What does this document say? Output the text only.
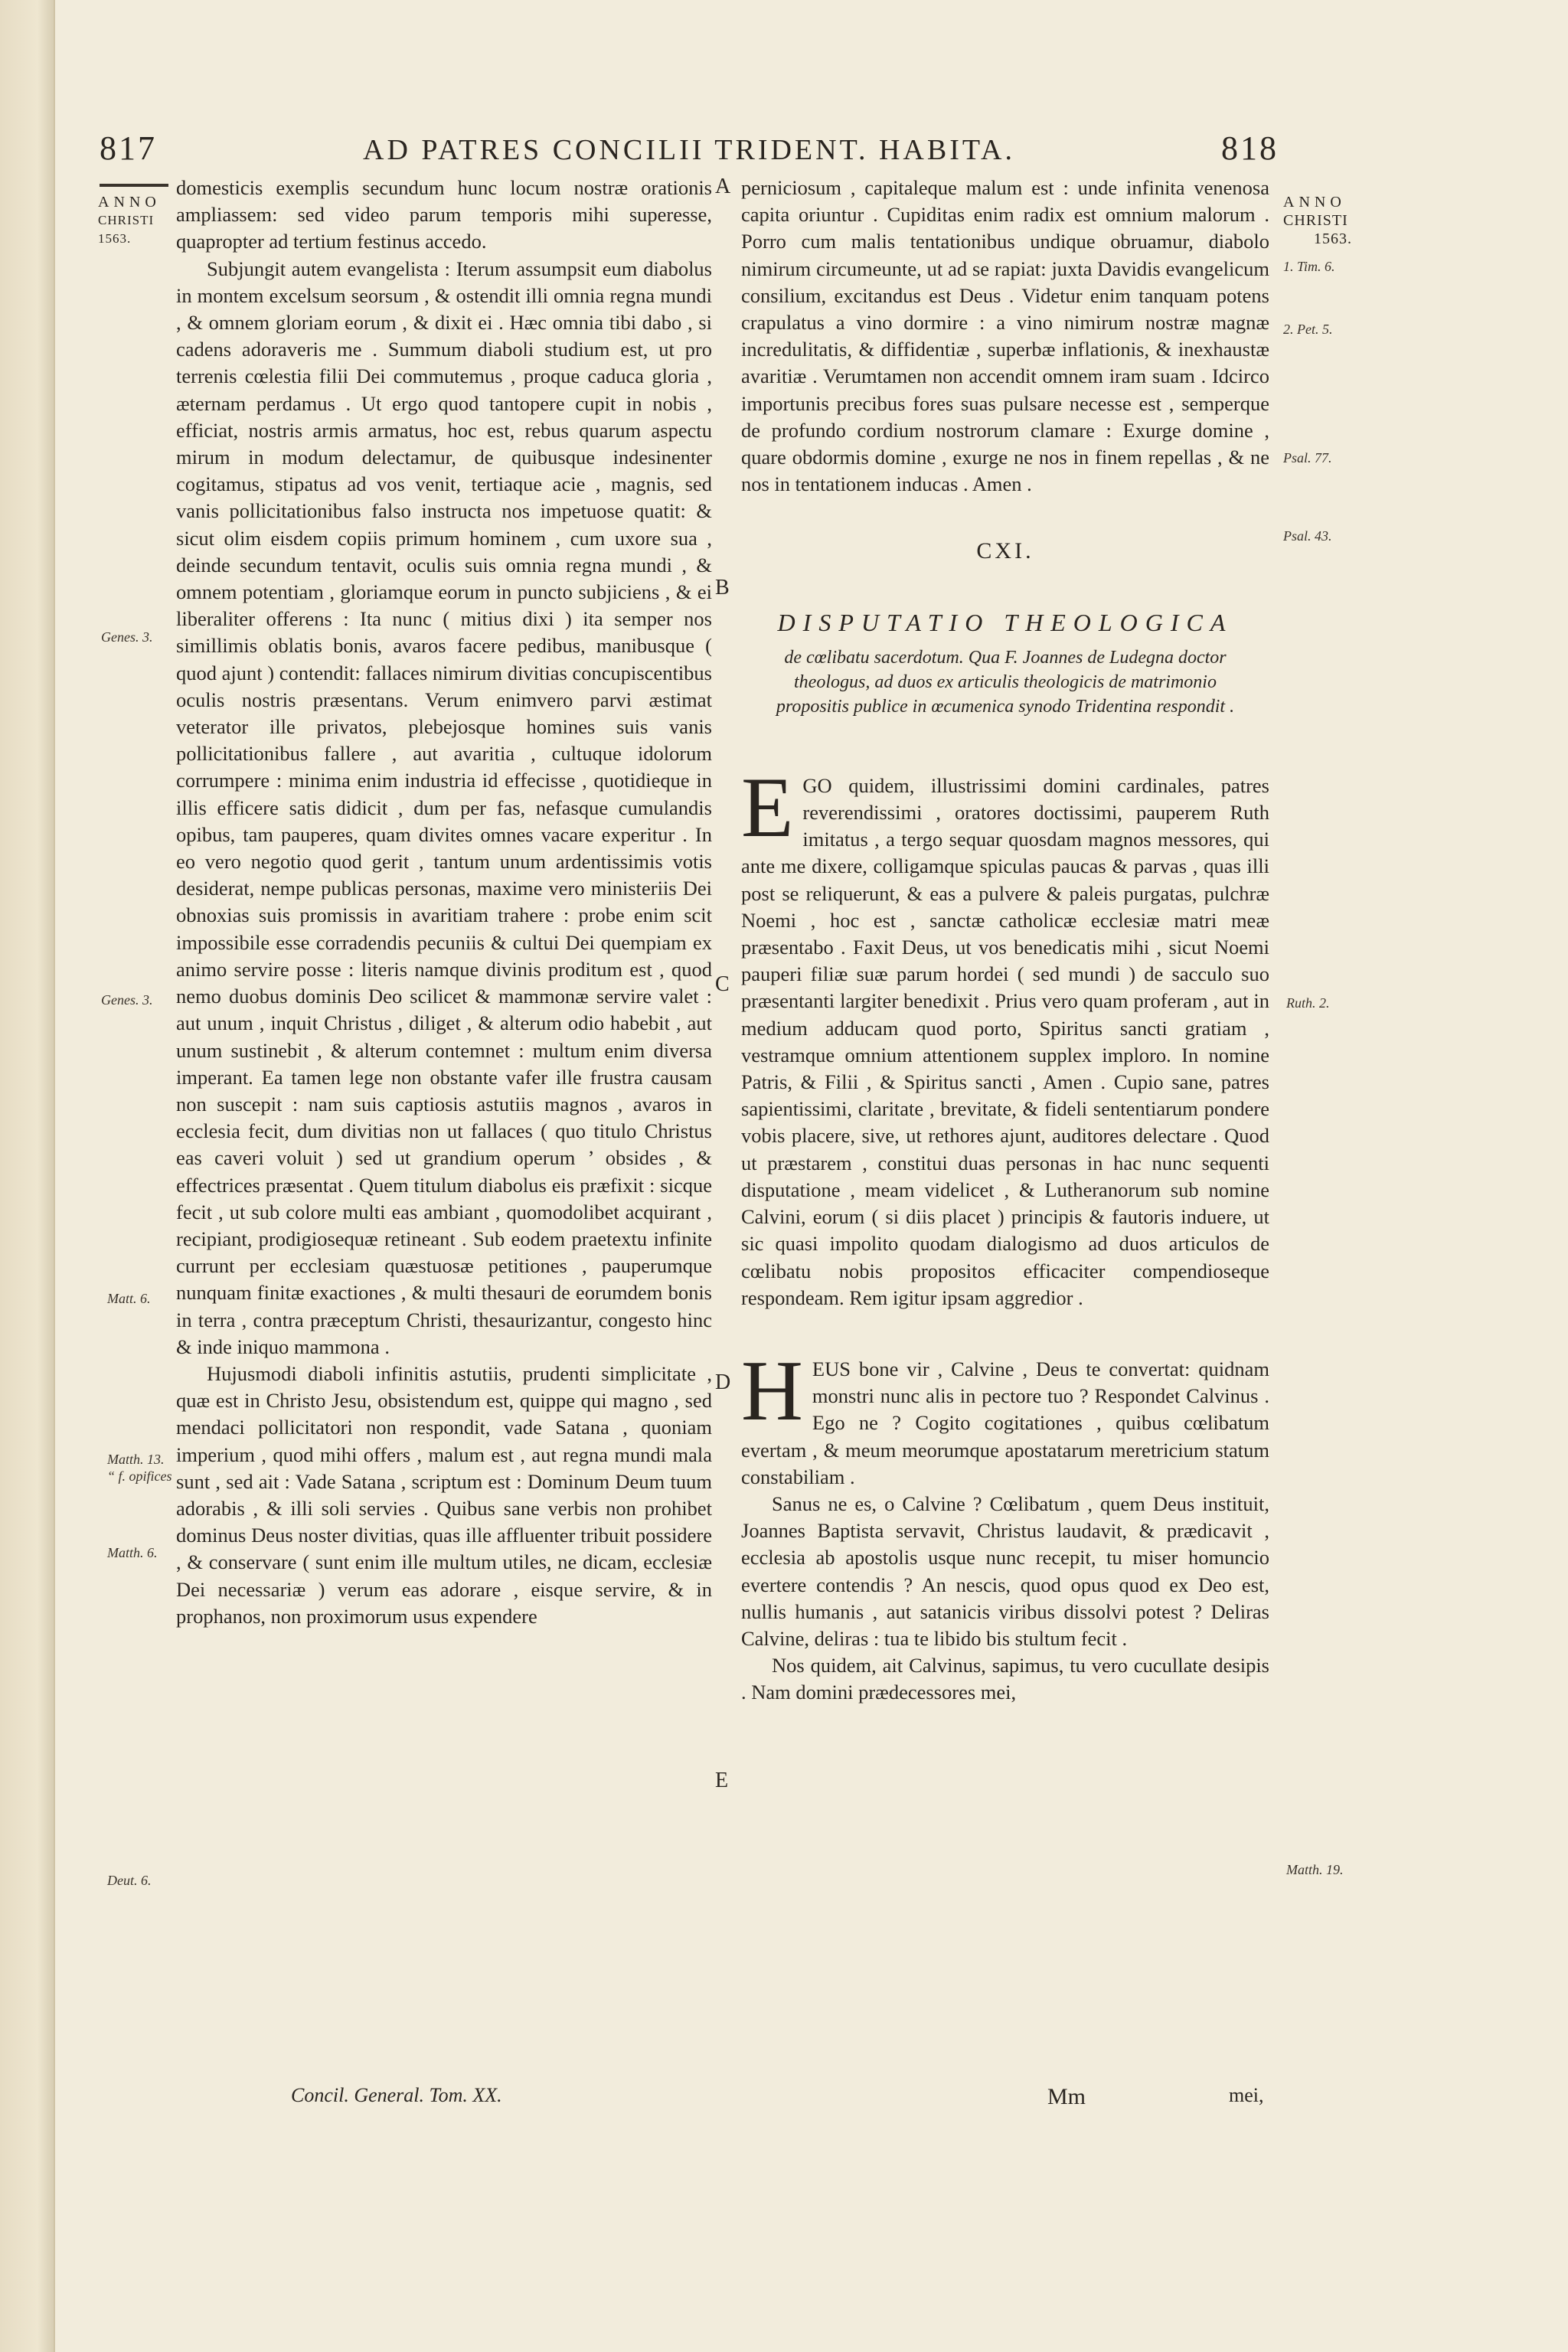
817	AD PATRES CONCILII TRIDENT. HABITA.	818
ANNO
CHRISTI
1563.
ANNO
CHRISTI
1563.
Genes. 3.
Genes. 3.
Matt. 6.
Matth. 13.
“ f. opifices
Matth. 6.
Deut. 6.
1. Tim. 6.
2. Pet. 5.
Psal. 77.
Psal. 43.
Ruth. 2.
Matth. 19.
A
B
C
D
E

domesticis exemplis secundum hunc locum nostræ orationis ampliassem: sed video parum temporis mihi superesse, quapropter ad tertium festinus accedo.

Subjungit autem evangelista : Iterum assumpsit eum diabolus in montem excelsum seorsum , & ostendit illi omnia regna mundi , & omnem gloriam eorum , & dixit ei . Hæc omnia tibi dabo , si cadens adoraveris me . Summum diaboli studium est, ut pro terrenis cœlestia filii Dei commutemus , proque caduca gloria , æternam perdamus . Ut ergo quod tantopere cupit in nobis , efficiat, nostris armis armatus, hoc est, rebus quarum aspectu mirum in modum delectamur, de quibusque indesinenter cogitamus, stipatus ad vos venit, tertiaque acie , magnis, sed vanis pollicitationibus falso instructa nos impetuose quatit: & sicut olim eisdem copiis primum hominem , cum uxore sua , deinde secundum tentavit, oculis suis omnia regna mundi , & omnem potentiam , gloriamque eorum in puncto subjiciens , & ei liberaliter offerens : Ita nunc ( mitius dixi ) ita semper nos simillimis oblatis bonis, avaros facere pedibus, manibusque ( quod ajunt ) contendit: fallaces nimirum divitias concupiscentibus oculis nostris præsentans. Verum enimvero parvi æstimat veterator ille privatos, plebejosque homines suis vanis pollicitationibus fallere , aut avaritia , cultuque idolorum corrumpere : minima enim industria id effecisse , quotidieque in illis efficere satis didicit , dum per fas, nefasque cumulandis opibus, tam pauperes, quam divites omnes vacare experitur . In eo vero negotio quod gerit , tantum unum ardentissimis votis desiderat, nempe publicas personas, maxime vero ministeriis Dei obnoxias suis promissis in avaritiam trahere : probe enim scit impossibile esse corradendis pecuniis & cultui Dei quempiam ex animo servire posse : literis namque divinis proditum est , quod nemo duobus dominis Deo scilicet & mammonæ servire valet : aut unum , inquit Christus , diliget , & alterum odio habebit , aut unum sustinebit , & alterum contemnet : multum enim diversa imperant. Ea tamen lege non obstante vafer ille frustra causam non suscepit : nam suis captiosis astutiis magnos , avaros in ecclesia fecit, dum divitias non ut fallaces ( quo titulo Christus eas caveri voluit ) sed ut grandium operum ’ obsides , & effectrices præsentat . Quem titulum diabolus eis præfixit : sicque fecit , ut sub colore multi eas ambiant , quomodolibet acquirant , recipiant, prodigiosequæ retineant . Sub eodem praetextu infinite currunt per ecclesiam quæstuosæ petitiones , pauperumque nunquam finitæ exactiones , & multi thesauri de eorumdem bonis in terra , contra præceptum Christi, thesaurizantur, congesto hinc & inde iniquo mammona .

Hujusmodi diaboli infinitis astutiis, prudenti simplicitate , quæ est in Christo Jesu, obsistendum est, quippe qui magno , sed mendaci pollicitatori non respondit, vade Satana , quoniam imperium , quod mihi offers , malum est , aut regna mundi mala sunt , sed ait : Vade Satana , scriptum est : Dominum Deum tuum adorabis , & illi soli servies . Quibus sane verbis non prohibet dominus Deus noster divitias, quas ille affluenter tribuit possidere , & conservare ( sunt enim ille multum utiles, ne dicam, ecclesiæ Dei necessariæ ) verum eas adorare , eisque servire, & in prophanos, non proximorum usus expendere

perniciosum , capitaleque malum est : unde infinita venenosa capita oriuntur . Cupiditas enim radix est omnium malorum . Porro cum malis tentationibus undique obruamur, diabolo nimirum circumeunte, ut ad se rapiat: juxta Davidis evangelicum consilium, excitandus est Deus . Videtur enim tanquam potens crapulatus a vino dormire : a vino nimirum nostræ magnæ incredulitatis, & diffidentiæ , superbæ inflationis, & inexhaustæ avaritiæ . Verumtamen non accendit omnem iram suam . Idcirco importunis precibus fores suas pulsare necesse est , semperque de profundo cordium nostrorum clamare : Exurge domine , quare obdormis domine , exurge ne nos in finem repellas , & ne nos in tentationem inducas . Amen .

CXI.
DISPUTATIO THEOLOGICA
de cœlibatu sacerdotum. Qua F. Joannes de Ludegna doctor theologus, ad duos ex articulis theologicis de matrimonio propositis publice in œcumenica synodo Tridentina respondit .

EGO quidem, illustrissimi domini cardinales, patres reverendissimi , oratores doctissimi, pauperem Ruth imitatus , a tergo sequar quosdam magnos messores, qui ante me dixere, colligamque spiculas paucas & parvas , quas illi post se reliquerunt, & eas a pulvere & paleis purgatas, pulchræ Noemi , hoc est , sanctæ catholicæ ecclesiæ matri meæ præsentabo . Faxit Deus, ut vos benedicatis mihi , sicut Noemi pauperi filiæ suæ parum hordei ( sed mundi ) de sacculo suo præsentanti largiter benedixit . Prius vero quam proferam , aut in medium adducam quod porto, Spiritus sancti gratiam , vestramque omnium attentionem supplex imploro. In nomine Patris, & Filii , & Spiritus sancti , Amen . Cupio sane, patres sapientissimi, claritate , brevitate, & fideli sententiarum pondere vobis placere, sive, ut rethores ajunt, auditores delectare . Quod ut præstarem , constitui duas personas in hac nunc sequenti disputatione , meam videlicet , & Lutheranorum sub nomine Calvini, eorum ( si diis placet ) principis & fautoris induere, ut sic quasi impolito quodam dialogismo ad duos articulos de cœlibatu nobis propositos efficaciter compendioseque respondeam. Rem igitur ipsam aggredior .

HEUS bone vir , Calvine , Deus te convertat: quidnam monstri nunc alis in pectore tuo ? Respondet Calvinus . Ego ne ? Cogito cogitationes , quibus cœlibatum evertam , & meum meorumque apostatarum meretricium statum constabiliam .

Sanus ne es, o Calvine ? Cœlibatum , quem Deus instituit, Joannes Baptista servavit, Christus laudavit, & prædicavit , ecclesia ab apostolis usque nunc recepit, tu miser homuncio evertere contendis ? An nescis, quod opus quod ex Deo est, nullis humanis , aut satanicis viribus dissolvi potest ? Deliras Calvine, deliras : tua te libido bis stultum fecit .

Nos quidem, ait Calvinus, sapimus, tu vero cucullate desipis . Nam domini prædecessores mei,

Concil. General. Tom. XX.	Mm	mei,
